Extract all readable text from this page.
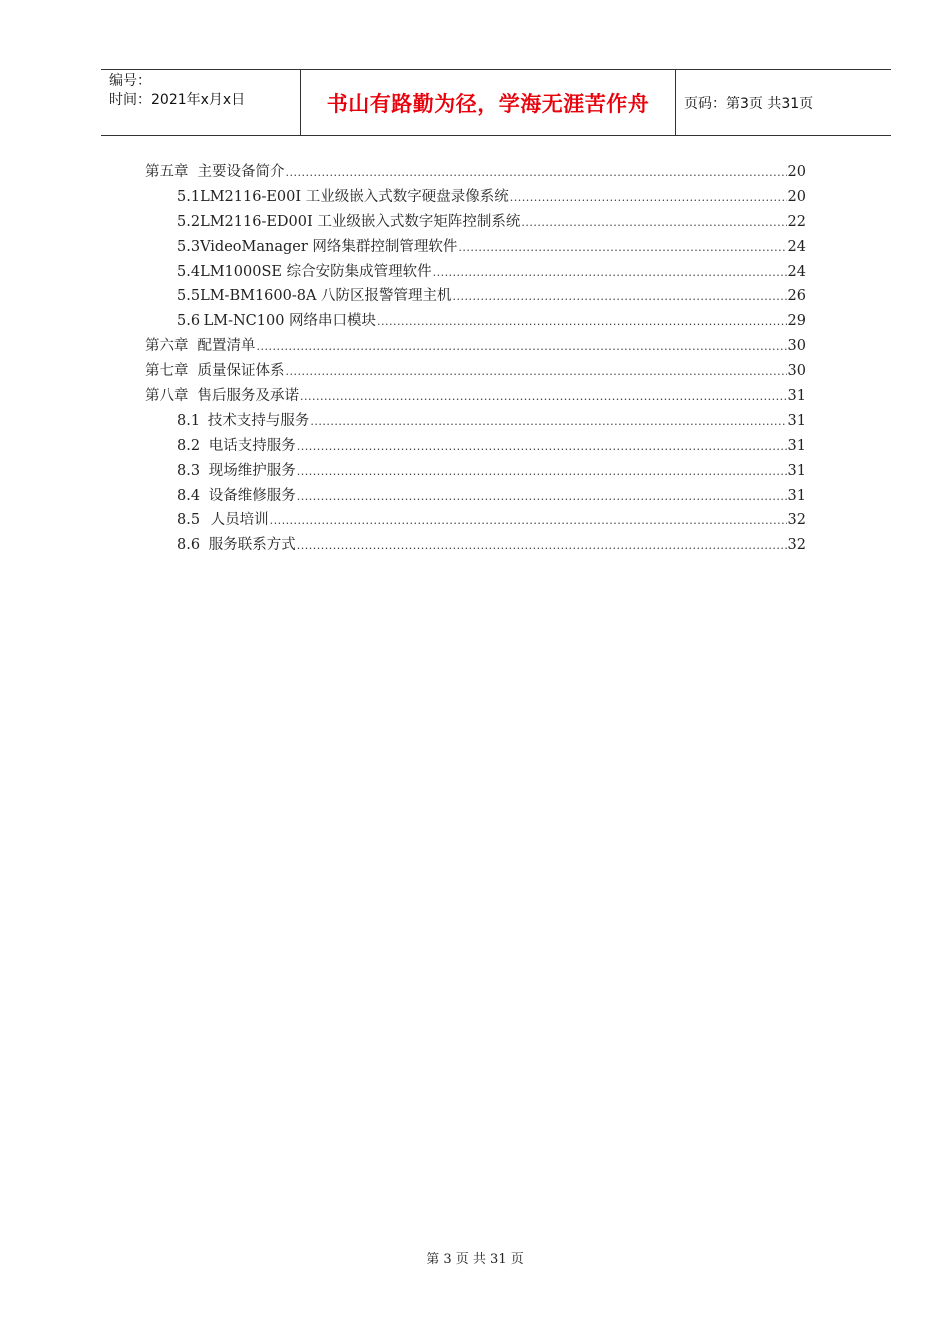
编号：
时间：2021年x月x日	书山有路勤为径，学海无涯苦作舟	页码：第3页 共31页
第五章 主要设备简介 .....	20
5.1 LM2116-E00I 工业级嵌入式数字硬盘录像系统 .....	20
5.2 LM2116-ED00I 工业级嵌入式数字矩阵控制系统 .....	22
5.3 VideoManager 网络集群控制管理软件 .....	24
5.4 LM1000SE 综合安防集成管理软件 .....	24
5.5 LM-BM1600-8A 八防区报警管理主机 .....	26
5.6 LM-NC100 网络串口模块 .....	29
第六章 配置清单 .....	30
第七章 质量保证体系 .....	30
第八章 售后服务及承诺 .....	31
8.1 技术支持与服务 .....	31
8.2 电话支持服务 .....	31
8.3 现场维护服务 .....	31
8.4 设备维修服务 .....	31
8.5 人员培训 .....	32
8.6 服务联系方式 .....	32
第 3 页 共 31 页
